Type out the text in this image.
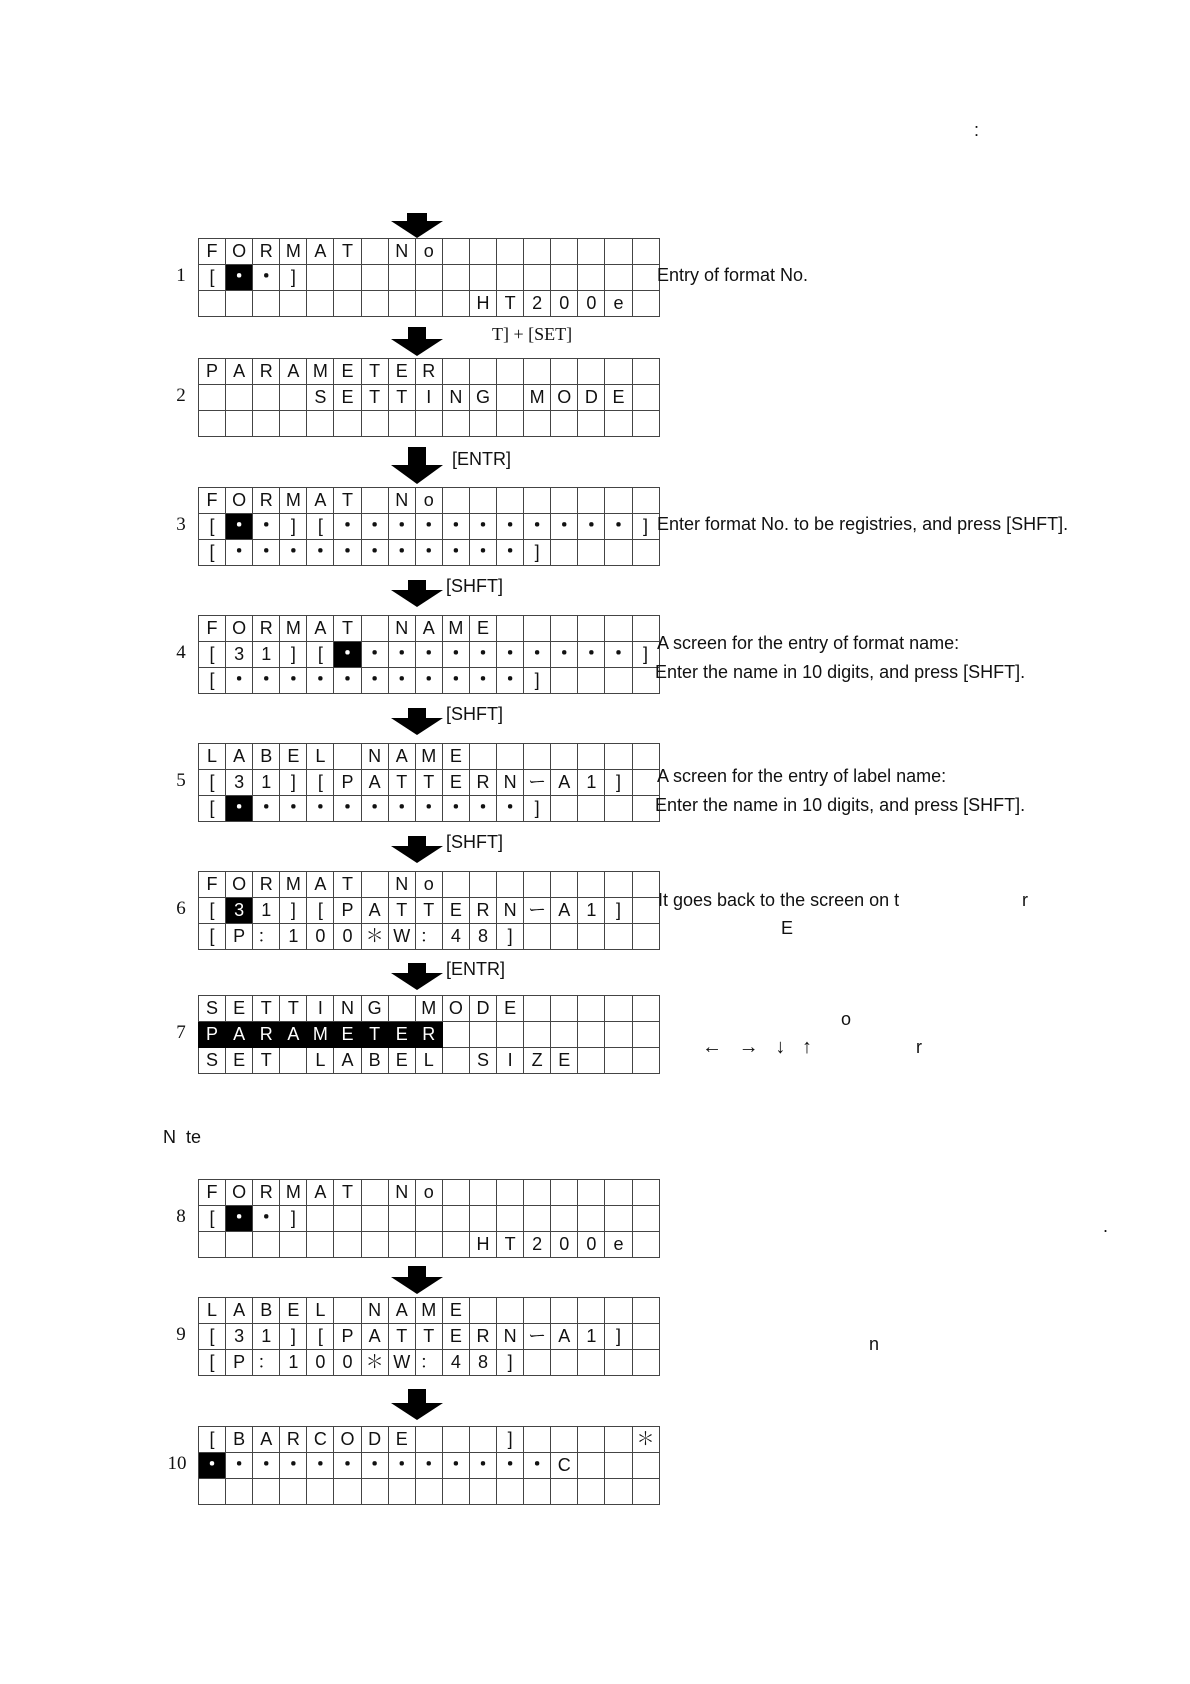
:
F	O	R	M	A	T		N	o								
[	・	・	]													
										H	T	2	0	0	e	
P	A	R	A	M	E	T	E	R								
				S	E	T	T	I	N	G		M	O	D	E	

F	O	R	M	A	T		N	o								
[	・	・	]	[	・	・	・	・	・	・	・	・	・	・	・	]
[	・	・	・	・	・	・	・	・	・	・	・	]				
F	O	R	M	A	T		N	A	M	E						
[	3	1	]	[	・	・	・	・	・	・	・	・	・	・	・	]
[	・	・	・	・	・	・	・	・	・	・	・	]				
L	A	B	E	L		N	A	M	E							
[	3	1	]	[	P	A	T	T	E	R	N	ー	A	1	]	
[	・	・	・	・	・	・	・	・	・	・	・	]				
F	O	R	M	A	T		N	o								
[	3	1	]	[	P	A	T	T	E	R	N	ー	A	1	]	
[	P	：	1	0	0	＊	W	：	4	8	]					
S	E	T	T	I	N	G		M	O	D	E					
P	A	R	A	M	E	T	E	R								
S	E	T		L	A	B	E	L		S	I	Z	E			
F	O	R	M	A	T		N	o								
[	・	・	]													
										H	T	2	0	0	e	
L	A	B	E	L		N	A	M	E							
[	3	1	]	[	P	A	T	T	E	R	N	ー	A	1	]	
[	P	：	1	0	0	＊	W	：	4	8	]					
[	B	A	R	C	O	D	E				]					＊
・	・	・	・	・	・	・	・	・	・	・	・	・	C			

1
2
3
4
5
6
7
8
9
10
T] + [SET]
[ENTR]
[SHFT]
[SHFT]
[SHFT]
[ENTR]
Entry of format No.
Enter format No. to be registries, and press [SHFT].
A screen for the entry of format name:
Enter the name in 10 digits, and press [SHFT].
A screen for the entry of label name:
Enter the name in 10 digits, and press [SHFT].
It goes back to the screen on t	r
E
o
←   →   ↓   ↑	r
.
n
N  te
